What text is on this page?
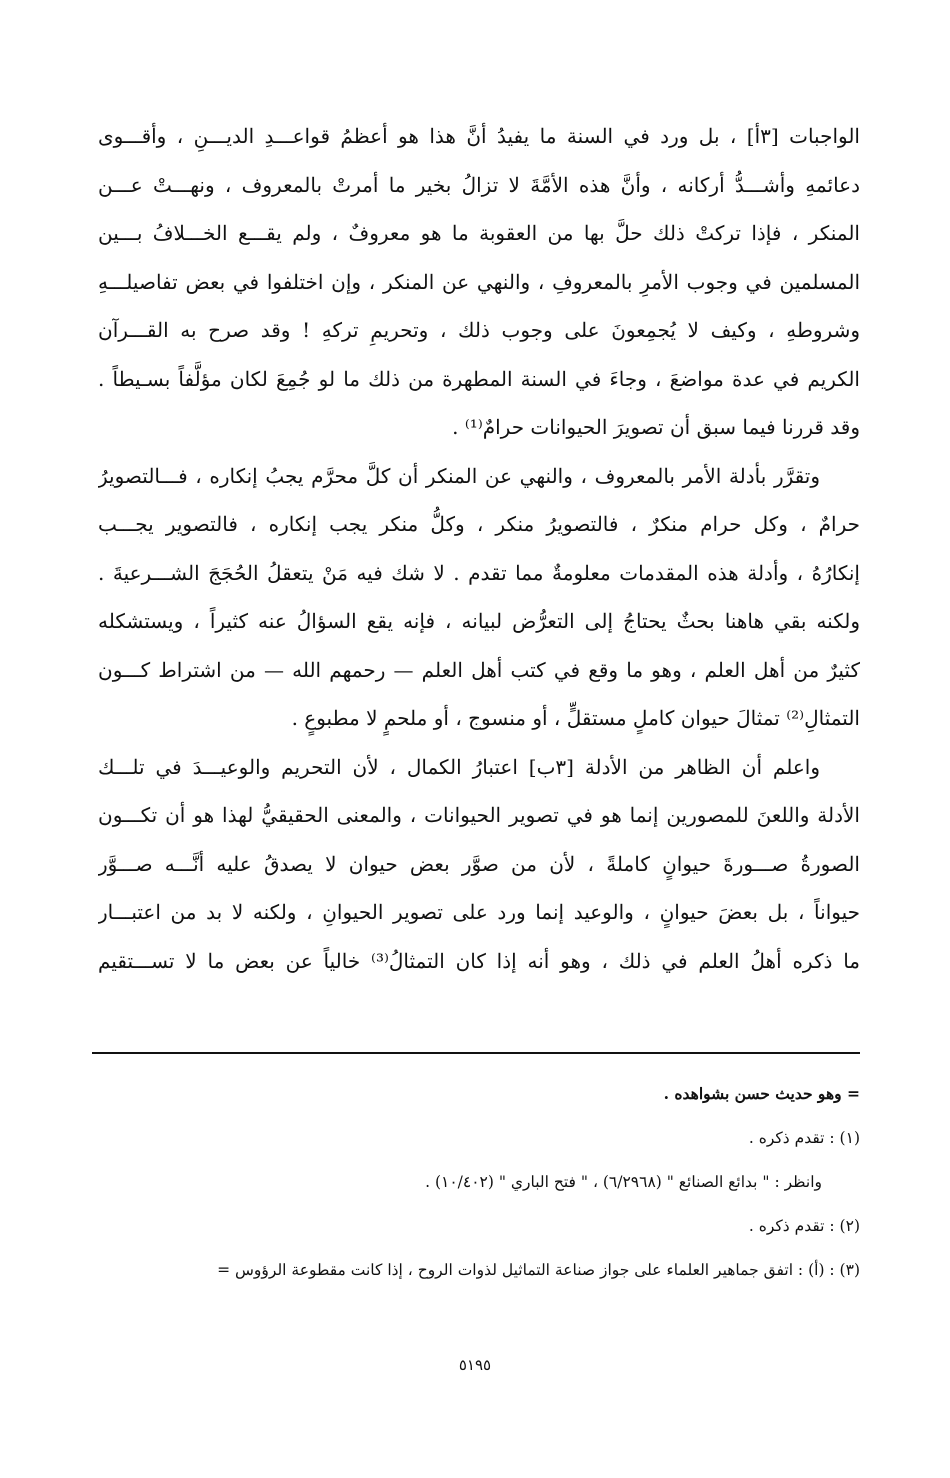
الواجبات [٣أ] ، بل ورد في السنة ما يفيدُ أنَّ هذا هو أعظمُ قواعـــدِ الديـــنِ ، وأقـــوى
دعائمهِ وأشـــدُّ أركانه ، وأنَّ هذه الأمَّةَ لا تزالُ بخير ما أمرتْ بالمعروف ، ونهـــتْ عـــن
المنكر ، فإذا تركتْ ذلك حلَّ بها من العقوبة ما هو معروفٌ ، ولم يقـــع الخـــلافُ بـــين
المسلمين في وجوب الأمرِ بالمعروفِ ، والنهي عن المنكر ، وإن اختلفوا في بعض تفاصيلـــهِ
وشروطهِ ، وكيف لا يُجمِعونَ على وجوب ذلك ، وتحريمِ تركهِ ! وقد صرح به القـــرآن
الكريم في عدة مواضعَ ، وجاءَ في السنة المطهرة من ذلك ما لو جُمِعَ لكان مؤلَّفاً بسـيطاً .
وقد قررنا فيما سبق أن تصويرَ الحيوانات حرامٌ⁽¹⁾ .
وتقرَّر بأدلة الأمر بالمعروف ، والنهي عن المنكر أن كلَّ محرَّم يجبُ إنكاره ، فـــالتصويرُ
حرامٌ ، وكل حرام منكرٌ ، فالتصويرُ منكر ، وكلُّ منكر يجب إنكاره ، فالتصوير يجـــب
إنكارُهُ ، وأدلة هذه المقدمات معلومةٌ مما تقدم . لا شك فيه مَنْ يتعقلُ الحُجَجَ الشـــرعيةَ .
ولكنه بقي هاهنا بحثٌ يحتاجُ إلى التعرُّض لبيانه ، فإنه يقع السؤالُ عنه كثيراً ، ويستشكله
كثيرٌ من أهل العلم ، وهو ما وقع في كتب أهل العلم — رحمهم الله — من اشتراط كـــون
التمثالِ⁽²⁾ تمثالَ حيوان كاملٍ مستقلٍّ ، أو منسوج ، أو ملحمٍ لا مطبوعٍ .
واعلم أن الظاهر من الأدلة [٣ب] اعتبارُ الكمال ، لأن التحريم والوعيـــدَ في تلـــك
الأدلة واللعنَ للمصورين إنما هو في تصوير الحيوانات ، والمعنى الحقيقيُّ لهذا هو أن تكـــون
الصورةُ صـــورةَ حيوانٍ كاملةً ، لأن من صوَّر بعض حيوان لا يصدقُ عليه أنَّـــه صـــوَّر
حيواناً ، بل بعضَ حيوانٍ ، والوعيد إنما ورد على تصوير الحيوانِ ، ولكنه لا بد من اعتبـــار
ما ذكره أهلُ العلم في ذلك ، وهو أنه إذا كان التمثالُ⁽³⁾ خالياً عن بعض ما لا تســـتقيم
= وهو حديث حسن بشواهده .
(١) : تقدم ذكره .
وانظر : " بدائع الصنائع " (٦/٢٩٦٨) ، " فتح الباري " (١٠/٤٠٢) .
(٢) : تقدم ذكره .
(٣) : (أ) : اتفق جماهير العلماء على جواز صناعة التماثيل لذوات الروح ، إذا كانت مقطوعة الرؤوس =
٥١٩٥
